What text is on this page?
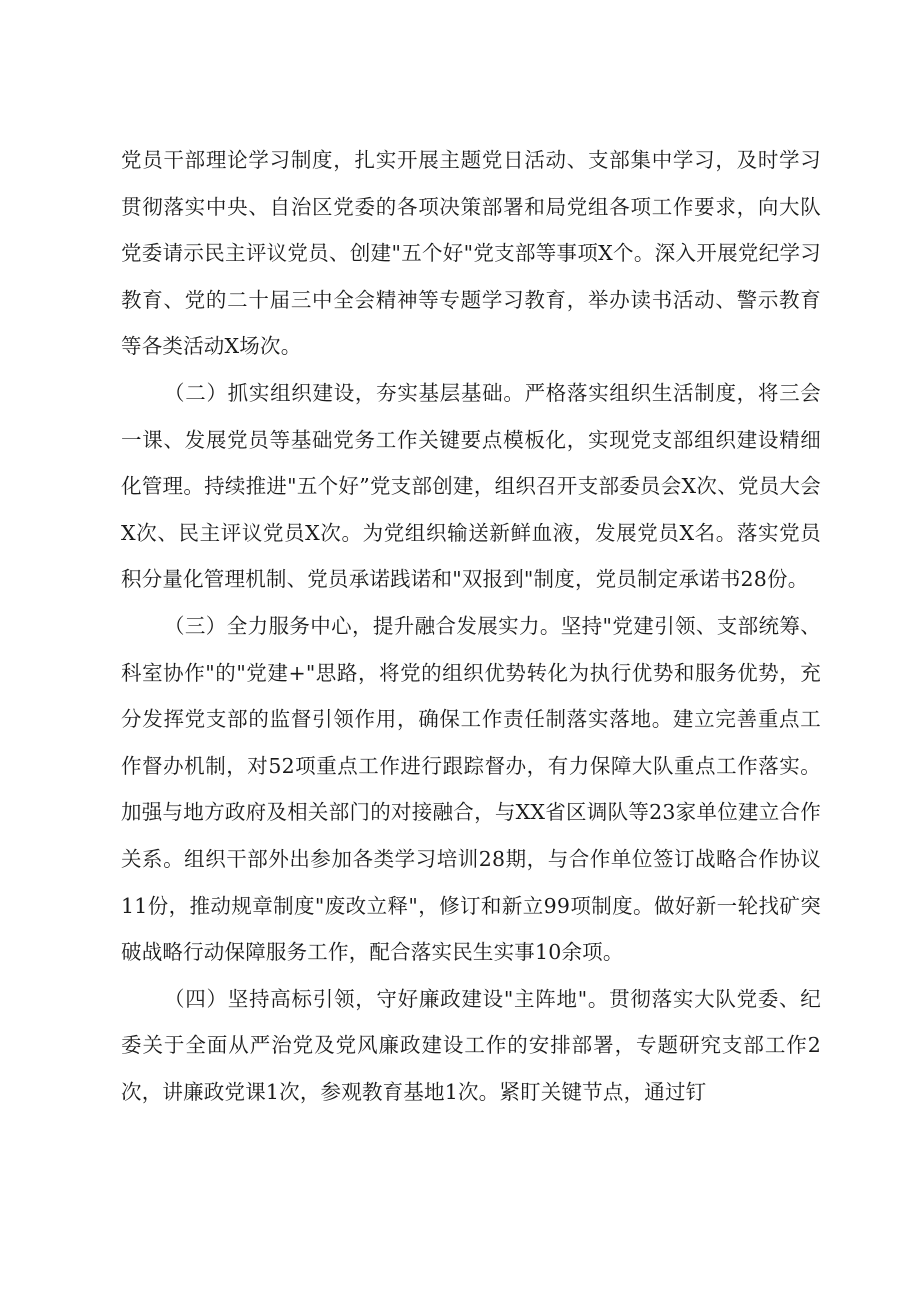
党员干部理论学习制度，扎实开展主题党日活动、支部集中学习，及时学习贯彻落实中央、自治区党委的各项决策部署和局党组各项工作要求，向大队党委请示民主评议党员、创建"五个好"党支部等事项X个。深入开展党纪学习教育、党的二十届三中全会精神等专题学习教育，举办读书活动、警示教育等各类活动X场次。

（二）抓实组织建设，夯实基层基础。严格落实组织生活制度，将三会一课、发展党员等基础党务工作关键要点模板化，实现党支部组织建设精细化管理。持续推进"五个好”党支部创建，组织召开支部委员会X次、党员大会X次、民主评议党员X次。为党组织输送新鲜血液，发展党员X名。落实党员积分量化管理机制、党员承诺践诺和"双报到"制度，党员制定承诺书28份。

（三）全力服务中心，提升融合发展实力。坚持"党建引领、支部统筹、科室协作"的"党建+"思路，将党的组织优势转化为执行优势和服务优势，充分发挥党支部的监督引领作用，确保工作责任制落实落地。建立完善重点工作督办机制，对52项重点工作进行跟踪督办，有力保障大队重点工作落实。加强与地方政府及相关部门的对接融合，与XX省区调队等23家单位建立合作关系。组织干部外出参加各类学习培训28期，与合作单位签订战略合作协议11份，推动规章制度"废改立释"，修订和新立99项制度。做好新一轮找矿突破战略行动保障服务工作，配合落实民生实事10余项。

（四）坚持高标引领，守好廉政建设"主阵地"。贯彻落实大队党委、纪委关于全面从严治党及党风廉政建设工作的安排部署，专题研究支部工作2次，讲廉政党课1次，参观教育基地1次。紧盯关键节点，通过钉
